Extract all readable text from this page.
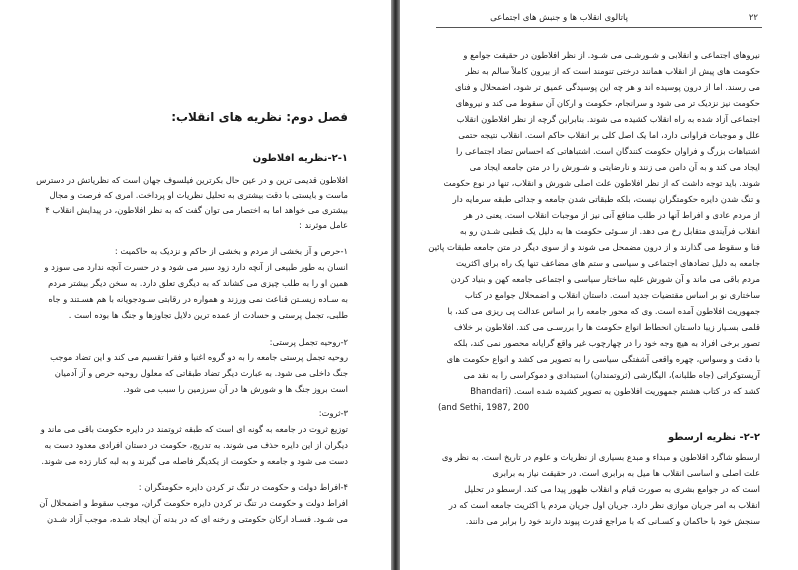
فصل دوم: نظریه های انقلاب:
۲-۱-نظریه افلاطون
افلاطون قدیمی ترین و در عین حال بکرترین فیلسوف جهان است که نظریاتش در دسترس
ماست و بایستی با دقت بیشتری به تحلیل نظریات او پرداخت. امری که فرصت و مجال
بیشتری می خواهد اما به اختصار می توان گفت که به نظر افلاطون، در پیدایش انقلاب ۴
عامل موثرند :
۱-حرص و آز بخشی از مردم و بخشی از حاکم و نزدیک به حاکمیت :
انسان به طور طبیعی از آنچه دارد زود سیر می شود و در حسرت آنچه ندارد می سوزد و
همین او را به طلب چیزی می کشاند که به دیگری تعلق دارد. به سخن دیگر بیشتر مردم
به سـاده زیسـتن قناعت نمی ورزند و همواره در رقابتی سـودجویانه با هم هسـتند و جاه
طلبی، تجمل پرستی و حسادت از عمده ترین دلایل تجاوزها و جنگ ها بوده است .
۲-روحیه تجمل پرستی:
روحیه تجمل پرستی جامعه را به دو گروه اغنیا و فقرا تقسیم می کند و این تضاد موجب
جنگ داخلی می شود. به عبارت دیگر تضاد طبقاتی که معلول روحیه حرص و آز آدمیان
است بروز جنگ ها و شورش ها در آن سرزمین را سبب می شود.
۳-ثروت:
توزیع ثروت در جامعه به گونه ای است که طبقه ثروتمند در دایره حکومت باقی می ماند و
دیگران از این دایره حذف می شوند. به تدریج، حکومت در دستان افرادی معدود دست به
دست می شود و جامعه و حکومت از یکدیگر فاصله می گیرند و به لبه کنار زده می شوند.
۴-افراط دولت و حکومت در تنگ تر کردن دایره حکومتگران :
افراط دولت و حکومت در تنگ تر کردن دایره حکومت گران، موجب سقوط و اضمحلال آن
می شـود. فسـاد ارکان حکومتی و رخنه ای که در بدنه آن ایجاد شـده، موجب آزاد شـدن
۲۲
پاتالوی انقلاب ها و جنبش های اجتماعی
نیروهای اجتماعی و انقلابی و شـورشـی می شـود. از نظر افلاطون در حقیقت جوامع و
حکومت های پیش از انقلاب همانند درختی تنومند است که از بیرون کاملاً سالم به نظر
می رسند. اما از درون پوسیده اند و هر چه این پوسیدگی عمیق تر شود، اضمحلال و فنای
حکومت نیز نزدیک تر می شود و سرانجام، حکومت و ارکان آن سقوط می کند و نیروهای
اجتماعی آزاد شده به راه انقلاب کشیده می شوند. بنابراین گرچه از نظر افلاطون انقلاب
علل و موجبات فراوانی دارد، اما یک اصل کلی بر انقلاب حاکم است. انقلاب نتیجه حتمی
اشتباهات بزرگ و فراوان حکومت کنندگان است. اشتباهاتی که احساس تضاد اجتماعی را
ایجاد می کند و به آن دامن می زنند و نارضایتی و شـورش را در متن جامعه ایجاد می
شوند. باید توجه داشت که از نظر افلاطون علت اصلی شورش و انقلاب، تنها در نوع حکومت
و تنگ شدن دایره حکومتگران نیست، بلکه طبقاتی شدن جامعه و جدائی طبقه سرمایه دار
از مردم عادی و افراط آنها در طلب منافع آنی نیز از موجبات انقلاب است. یعنی در هر
انقلاب فرآیندی متقابل رخ می دهد. از سـوئی حکومت ها به دلیل یک قطبی شـدن رو به
فنا و سقوط می گذارند و از درون مضمحل می شوند و از سوی دیگر در متن جامعه طبقات پائین
جامعه به دلیل تضادهای اجتماعی و سیاسی و ستم های مضاعف تنها یک راه برای اکثریت
مردم باقی می ماند و آن شورش علیه ساختار سیاسی و اجتماعی جامعه کهن و بنیاد کردن
ساختاری نو بر اساس مقتضیات جدید است. داستان انقلاب و اضمحلال جوامع در کتاب
جمهوریت افلاطون آمده است. وی که محور جامعه را بر اساس عدالت پی ریزی می کند، با
قلمی بسـیار زیبا داسـتان انحطاط انواع حکومت ها را بررسـی می کند. افلاطون بر خلاف
تصور برخی افراد به هیچ وجه خود را در چهارچوب غیر واقع گرایانه محصور نمی کند، بلکه
با دقت و وسواس، چهره واقعی آشفتگی سیاسی را به تصویر می کشد و انواع حکومت های
آریستوکراتی (جاه طلبانه)، الیگارشی (ثروتمندان) استبدادی و دموکراسی را به نقد می
کشد که در کتاب هشتم جمهوریت افلاطون به تصویر کشیده شده است. (Bhandari
and Sethi, 1987, 200)
۲-۲- نظریه ارسطو
ارسطو شاگرد افلاطون و مبداء و مبدع بسیاری از نظریات و علوم در تاریخ است. به نظر وی
علت اصلی و اساسی انقلاب ها میل به برابری است. در حقیقت نیاز به برابری
است که در جوامع بشری به صورت قیام و انقلاب ظهور پیدا می کند. ارسطو در تحلیل
انقلاب به امر جریان موازی نظر دارد. جریان اول جریان مردم یا اکثریت جامعه است که در
سنجش خود با حاکمان و کسـانی که با مراجع قدرت پیوند دارند خود را برابر می دانند.
